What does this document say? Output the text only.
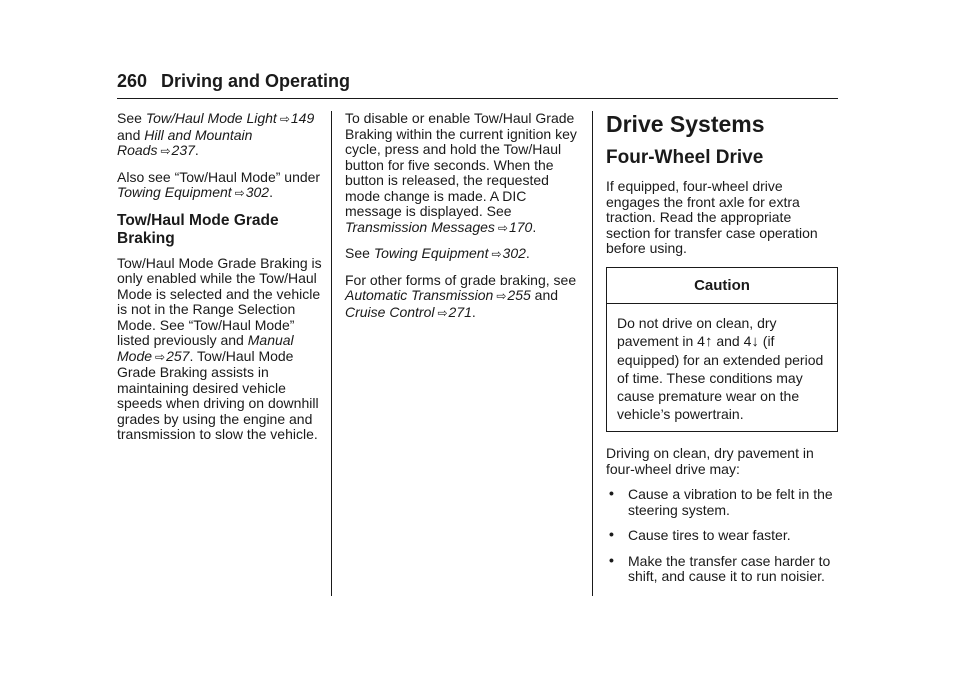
260 Driving and Operating

See Tow/Haul Mode Light ⇨149 and Hill and Mountain Roads ⇨237.

Also see “Tow/Haul Mode” under Towing Equipment ⇨302.

Tow/Haul Mode Grade Braking

Tow/Haul Mode Grade Braking is only enabled while the Tow/Haul Mode is selected and the vehicle is not in the Range Selection Mode. See “Tow/Haul Mode” listed previously and Manual Mode ⇨257. Tow/Haul Mode Grade Braking assists in maintaining desired vehicle speeds when driving on downhill grades by using the engine and transmission to slow the vehicle.

To disable or enable Tow/Haul Grade Braking within the current ignition key cycle, press and hold the Tow/Haul button for five seconds. When the button is released, the requested mode change is made. A DIC message is displayed. See Transmission Messages ⇨170.

See Towing Equipment ⇨302.

For other forms of grade braking, see Automatic Transmission ⇨255 and Cruise Control ⇨271.

Drive Systems
Four-Wheel Drive

If equipped, four-wheel drive engages the front axle for extra traction. Read the appropriate section for transfer case operation before using.

Caution
Do not drive on clean, dry pavement in 4↑ and 4↓ (if equipped) for an extended period of time. These conditions may cause premature wear on the vehicle’s powertrain.

Driving on clean, dry pavement in four-wheel drive may:

• Cause a vibration to be felt in the steering system.
• Cause tires to wear faster.
• Make the transfer case harder to shift, and cause it to run noisier.
